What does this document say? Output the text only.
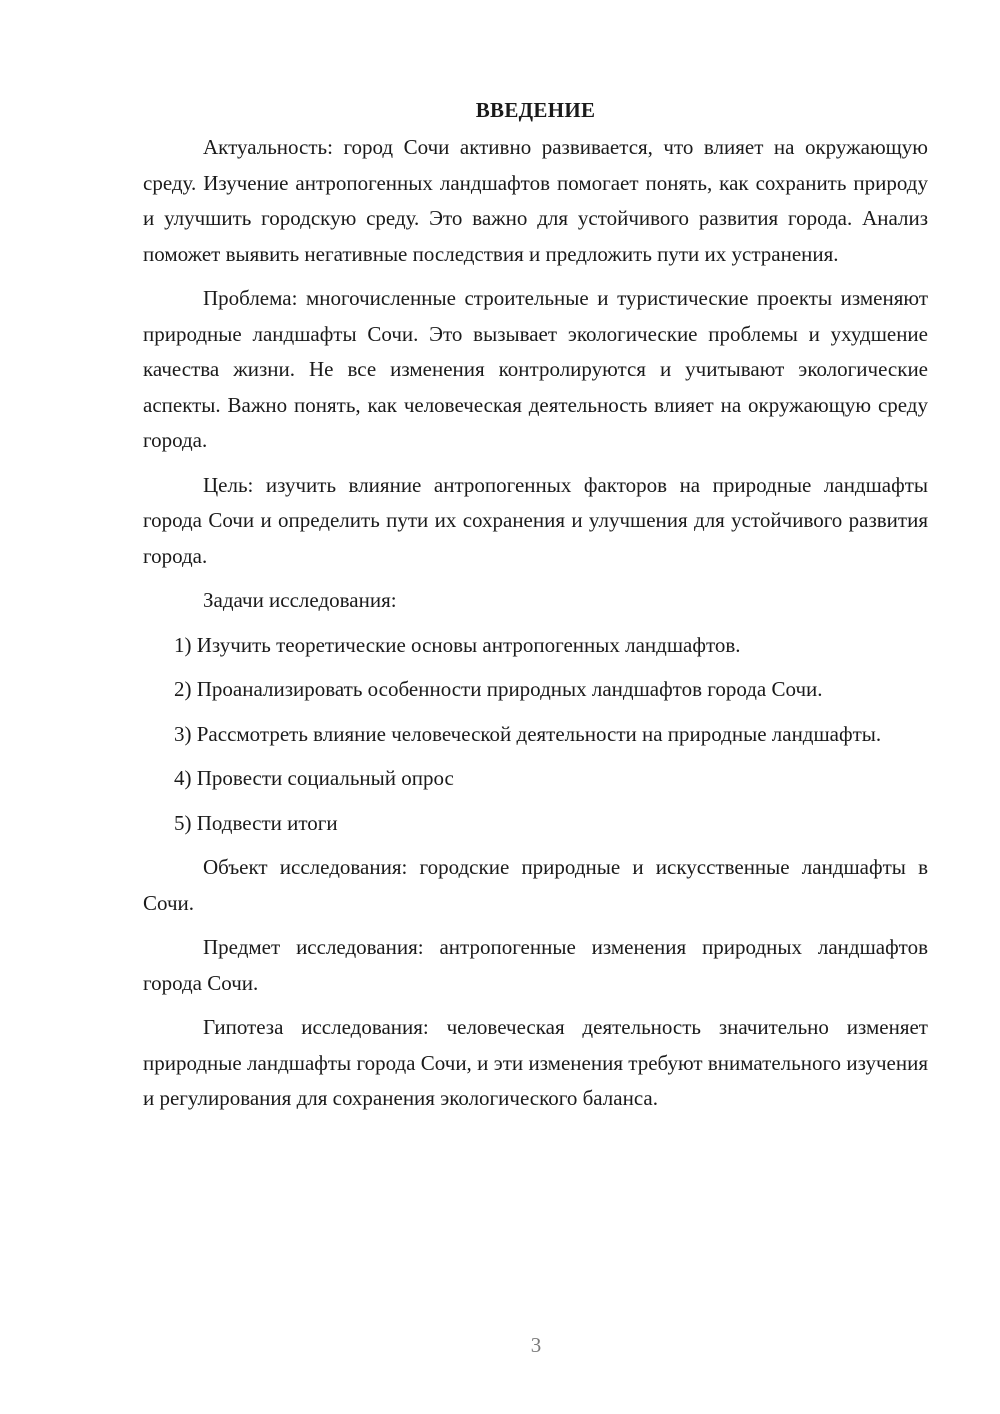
ВВЕДЕНИЕ

Актуальность: город Сочи активно развивается, что влияет на окружающую среду. Изучение антропогенных ландшафтов помогает понять, как сохранить природу и улучшить городскую среду. Это важно для устойчивого развития города. Анализ поможет выявить негативные последствия и предложить пути их устранения.

Проблема: многочисленные строительные и туристические проекты изменяют природные ландшафты Сочи. Это вызывает экологические проблемы и ухудшение качества жизни. Не все изменения контролируются и учитывают экологические аспекты. Важно понять, как человеческая деятельность влияет на окружающую среду города.

Цель: изучить влияние антропогенных факторов на природные ландшафты города Сочи и определить пути их сохранения и улучшения для устойчивого развития города.

Задачи исследования:

1) Изучить теоретические основы антропогенных ландшафтов.

2) Проанализировать особенности природных ландшафтов города Сочи.

3) Рассмотреть влияние человеческой деятельности на природные ландшафты.

4) Провести социальный опрос

5) Подвести итоги

Объект исследования: городские природные и искусственные ландшафты в Сочи.

Предмет исследования: антропогенные изменения природных ландшафтов города Сочи.

Гипотеза исследования: человеческая деятельность значительно изменяет природные ландшафты города Сочи, и эти изменения требуют внимательного изучения и регулирования для сохранения экологического баланса.

3
